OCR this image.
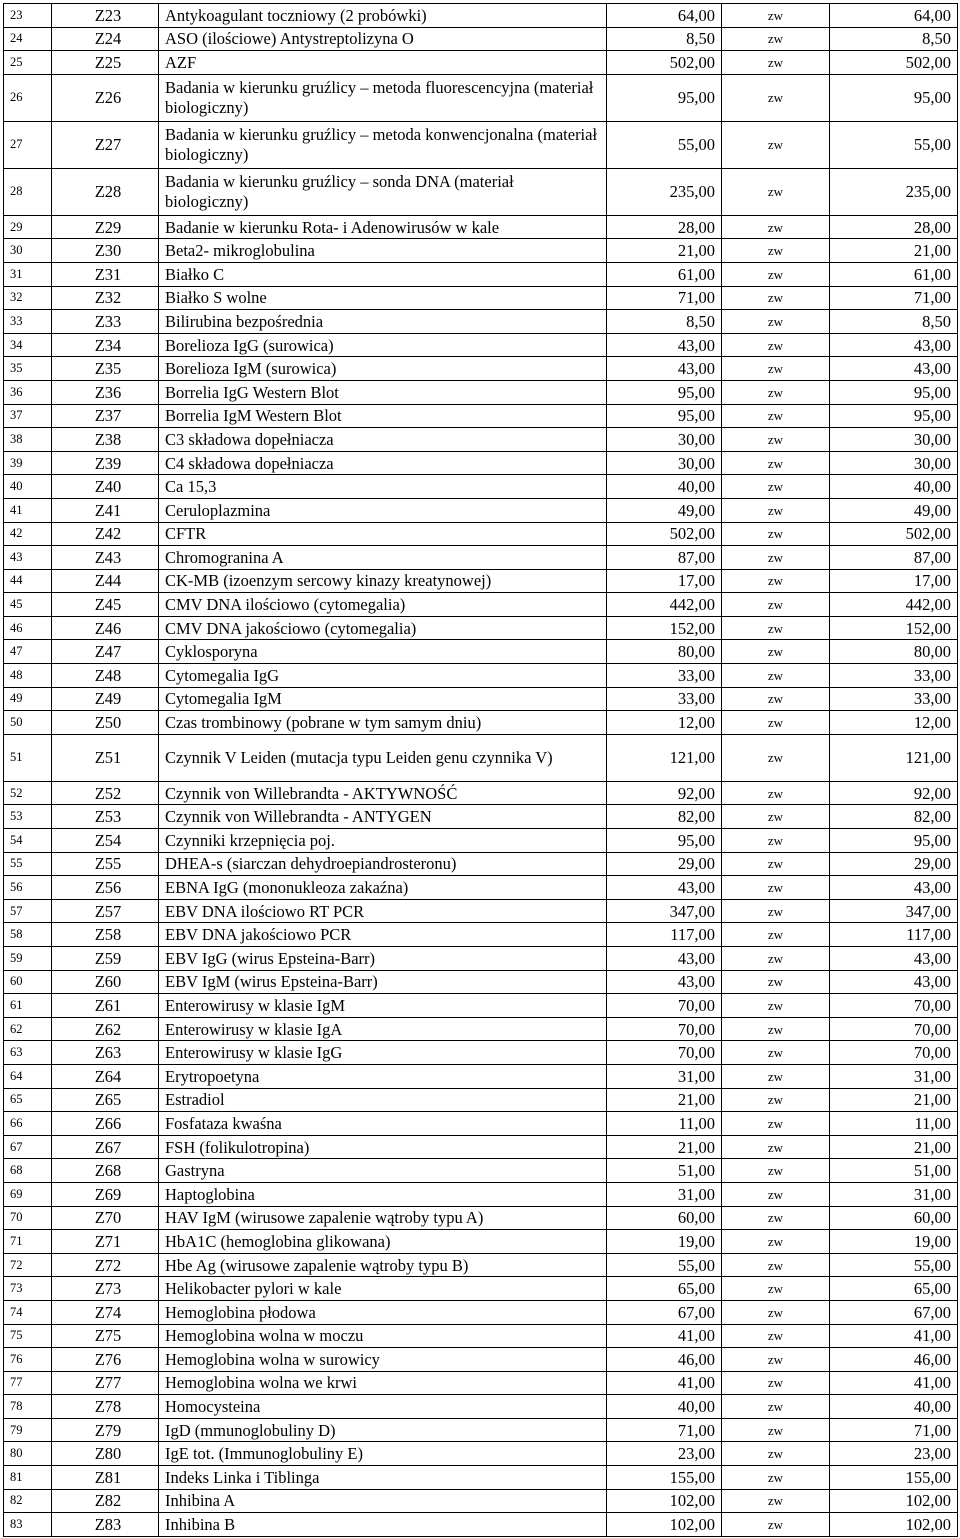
23	Z23	Antykoagulant toczniowy (2 probówki)	64,00	zw	64,00
24	Z24	ASO (ilościowe) Antystreptolizyna O	8,50	zw	8,50
25	Z25	AZF	502,00	zw	502,00
26	Z26	Badania w kierunku gruźlicy – metoda fluorescencyjna (materiał biologiczny)	95,00	zw	95,00
27	Z27	Badania w kierunku gruźlicy – metoda konwencjonalna (materiał biologiczny)	55,00	zw	55,00
28	Z28	Badania w kierunku gruźlicy – sonda DNA (materiał biologiczny)	235,00	zw	235,00
29	Z29	Badanie w kierunku Rota- i Adenowirusów w kale	28,00	zw	28,00
30	Z30	Beta2- mikroglobulina	21,00	zw	21,00
31	Z31	Białko C	61,00	zw	61,00
32	Z32	Białko S wolne	71,00	zw	71,00
33	Z33	Bilirubina bezpośrednia	8,50	zw	8,50
34	Z34	Borelioza IgG (surowica)	43,00	zw	43,00
35	Z35	Borelioza IgM (surowica)	43,00	zw	43,00
36	Z36	Borrelia IgG Western Blot	95,00	zw	95,00
37	Z37	Borrelia IgM Western Blot	95,00	zw	95,00
38	Z38	C3 składowa dopełniacza	30,00	zw	30,00
39	Z39	C4 składowa dopełniacza	30,00	zw	30,00
40	Z40	Ca 15,3	40,00	zw	40,00
41	Z41	Ceruloplazmina	49,00	zw	49,00
42	Z42	CFTR	502,00	zw	502,00
43	Z43	Chromogranina A	87,00	zw	87,00
44	Z44	CK-MB (izoenzym sercowy kinazy kreatynowej)	17,00	zw	17,00
45	Z45	CMV DNA ilościowo (cytomegalia)	442,00	zw	442,00
46	Z46	CMV DNA jakościowo (cytomegalia)	152,00	zw	152,00
47	Z47	Cyklosporyna	80,00	zw	80,00
48	Z48	Cytomegalia IgG	33,00	zw	33,00
49	Z49	Cytomegalia IgM	33,00	zw	33,00
50	Z50	Czas trombinowy (pobrane w tym samym dniu)	12,00	zw	12,00
51	Z51	Czynnik V Leiden (mutacja typu Leiden genu czynnika V)	121,00	zw	121,00
52	Z52	Czynnik von Willebrandta - AKTYWNOŚĆ	92,00	zw	92,00
53	Z53	Czynnik von Willebrandta - ANTYGEN	82,00	zw	82,00
54	Z54	Czynniki krzepnięcia poj.	95,00	zw	95,00
55	Z55	DHEA-s (siarczan dehydroepiandrosteronu)	29,00	zw	29,00
56	Z56	EBNA IgG (mononukleoza zakaźna)	43,00	zw	43,00
57	Z57	EBV DNA ilościowo RT PCR	347,00	zw	347,00
58	Z58	EBV DNA jakościowo PCR	117,00	zw	117,00
59	Z59	EBV IgG (wirus Epsteina-Barr)	43,00	zw	43,00
60	Z60	EBV IgM (wirus Epsteina-Barr)	43,00	zw	43,00
61	Z61	Enterowirusy w klasie IgM	70,00	zw	70,00
62	Z62	Enterowirusy w klasie IgA	70,00	zw	70,00
63	Z63	Enterowirusy w klasie IgG	70,00	zw	70,00
64	Z64	Erytropoetyna	31,00	zw	31,00
65	Z65	Estradiol	21,00	zw	21,00
66	Z66	Fosfataza kwaśna	11,00	zw	11,00
67	Z67	FSH (folikulotropina)	21,00	zw	21,00
68	Z68	Gastryna	51,00	zw	51,00
69	Z69	Haptoglobina	31,00	zw	31,00
70	Z70	HAV IgM (wirusowe zapalenie wątroby typu A)	60,00	zw	60,00
71	Z71	HbA1C (hemoglobina glikowana)	19,00	zw	19,00
72	Z72	Hbe Ag (wirusowe zapalenie wątroby typu B)	55,00	zw	55,00
73	Z73	Helikobacter pylori w kale	65,00	zw	65,00
74	Z74	Hemoglobina płodowa	67,00	zw	67,00
75	Z75	Hemoglobina wolna w moczu	41,00	zw	41,00
76	Z76	Hemoglobina wolna w surowicy	46,00	zw	46,00
77	Z77	Hemoglobina wolna we krwi	41,00	zw	41,00
78	Z78	Homocysteina	40,00	zw	40,00
79	Z79	IgD (mmunoglobuliny D)	71,00	zw	71,00
80	Z80	IgE tot. (Immunoglobuliny E)	23,00	zw	23,00
81	Z81	Indeks Linka i Tiblinga	155,00	zw	155,00
82	Z82	Inhibina A	102,00	zw	102,00
83	Z83	Inhibina B	102,00	zw	102,00
